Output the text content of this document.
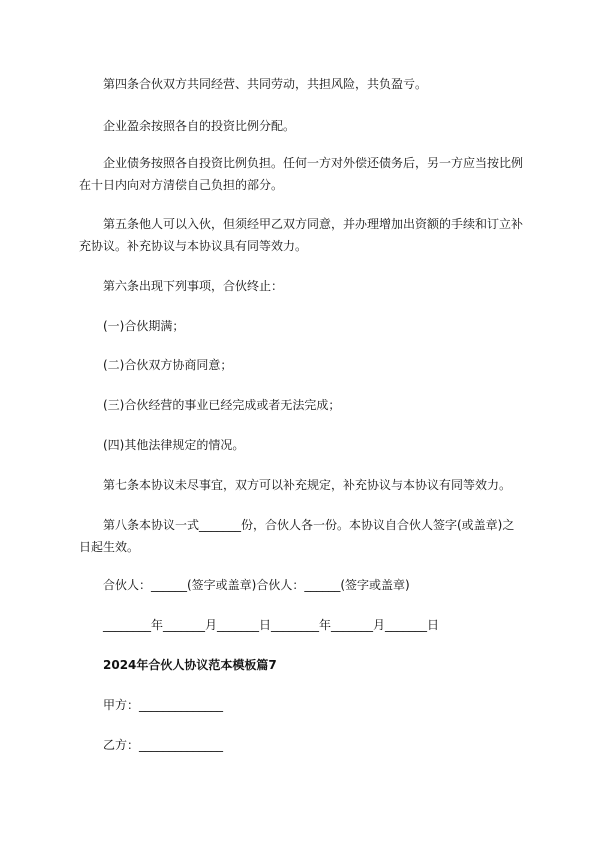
第四条合伙双方共同经营、共同劳动，共担风险，共负盈亏。
企业盈余按照各自的投资比例分配。
企业债务按照各自投资比例负担。任何一方对外偿还债务后，另一方应当按比例
在十日内向对方清偿自己负担的部分。
第五条他人可以入伙，但须经甲乙双方同意，并办理增加出资额的手续和订立补
充协议。补充协议与本协议具有同等效力。
第六条出现下列事项，合伙终止：
(一)合伙期满；
(二)合伙双方协商同意；
(三)合伙经营的事业已经完成或者无法完成；
(四)其他法律规定的情况。
第七条本协议未尽事宜，双方可以补充规定，补充协议与本协议有同等效力。
第八条本协议一式_______份，合伙人各一份。本协议自合伙人签字(或盖章)之
日起生效。
合伙人：______(签字或盖章)合伙人：______(签字或盖章)
________年_______月_______日________年_______月_______日
2024年合伙人协议范本模板篇7
甲方：______________
乙方：______________
